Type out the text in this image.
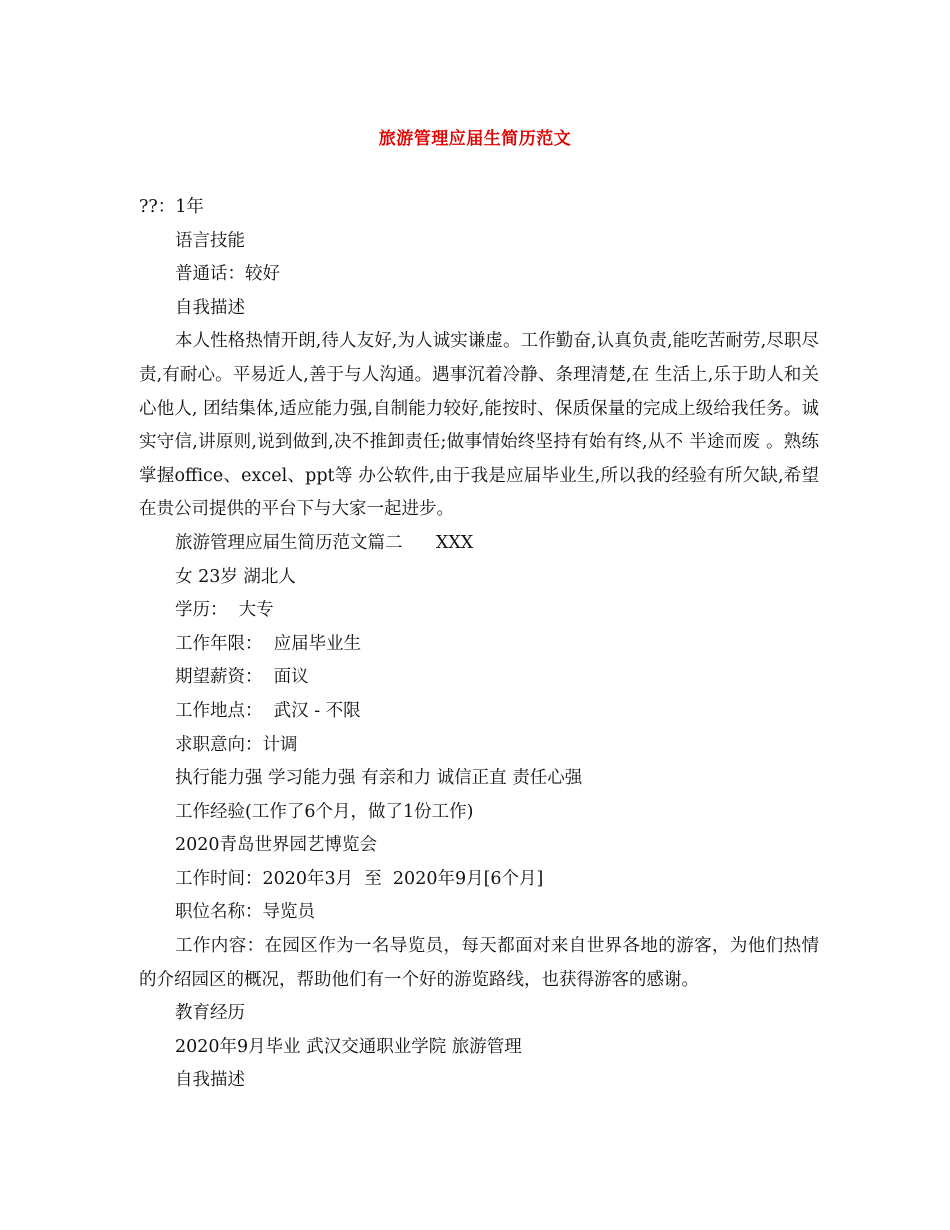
旅游管理应届生简历范文
??：1年
语言技能
普通话：较好
自我描述
本人性格热情开朗,待人友好,为人诚实谦虚。工作勤奋,认真负责,能吃苦耐劳,尽职尽责,有耐心。平易近人,善于与人沟通。遇事沉着冷静、条理清楚,在 生活上,乐于助人和关心他人, 团结集体,适应能力强,自制能力较好,能按时、保质保量的完成上级给我任务。诚实守信,讲原则,说到做到,决不推卸责任;做事情始终坚持有始有终,从不 半途而废 。熟练掌握office、excel、ppt等 办公软件,由于我是应届毕业生,所以我的经验有所欠缺,希望在贵公司提供的平台下与大家一起进步。
旅游管理应届生简历范文篇二      XXX
女 23岁 湖北人
学历：  大专
工作年限：  应届毕业生
期望薪资：  面议
工作地点：  武汉 - 不限
求职意向：计调
执行能力强 学习能力强 有亲和力 诚信正直 责任心强
工作经验(工作了6个月，做了1份工作)
2020青岛世界园艺博览会
工作时间：2020年3月  至  2020年9月[6个月]
职位名称：导览员
工作内容：在园区作为一名导览员，每天都面对来自世界各地的游客，为他们热情的介绍园区的概况，帮助他们有一个好的游览路线，也获得游客的感谢。
教育经历
2020年9月毕业 武汉交通职业学院 旅游管理
自我描述
